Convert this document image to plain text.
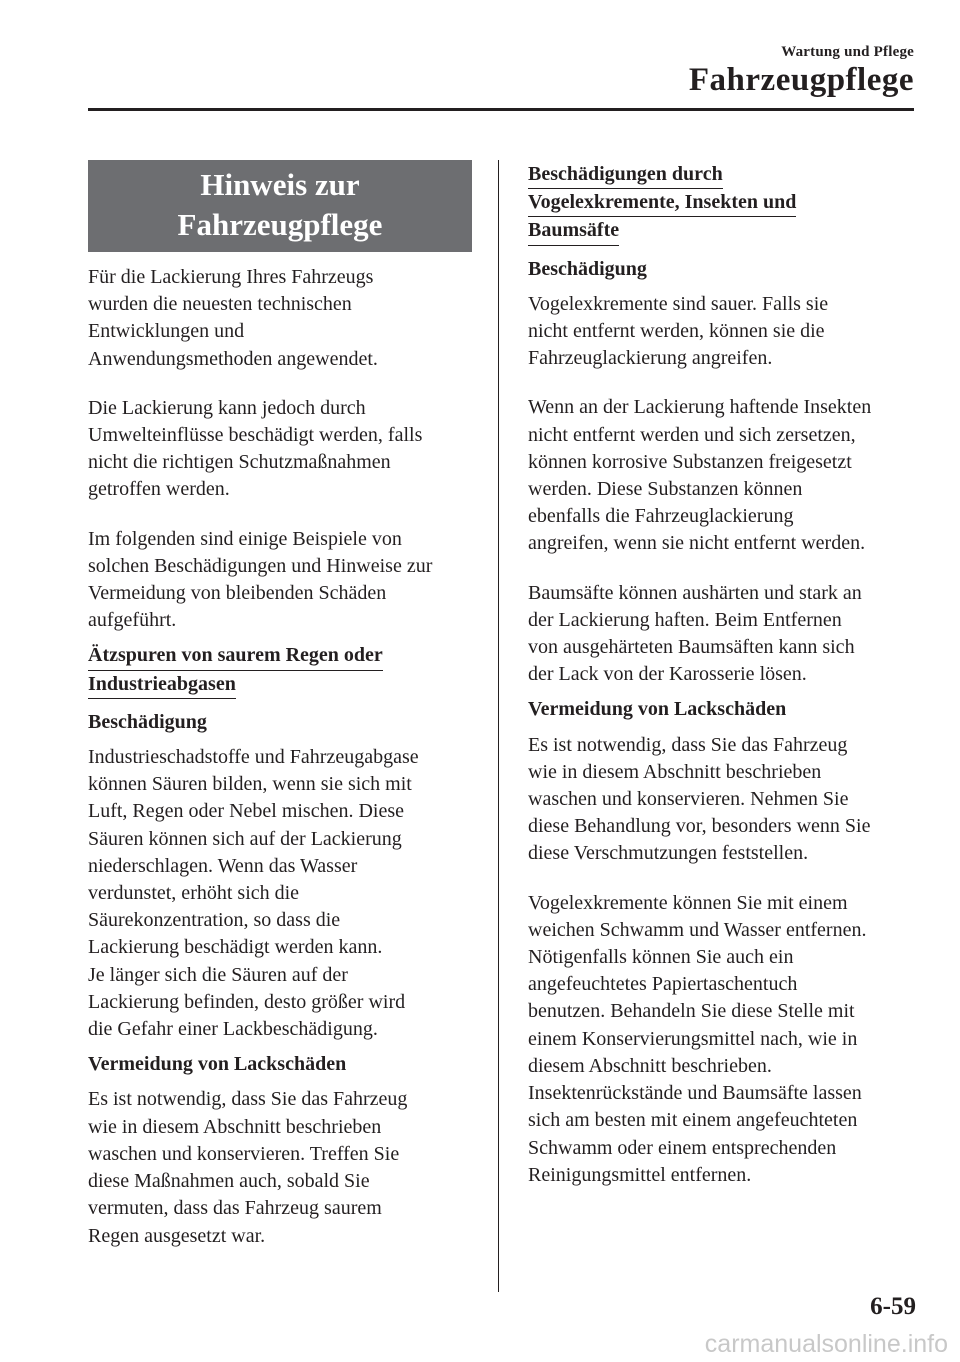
Wartung und Pflege
Fahrzeugpflege
Hinweis zur
Fahrzeugpflege

Für die Lackierung Ihres Fahrzeugs

wurden die neuesten technischen

Entwicklungen und

Anwendungsmethoden angewendet.

Die Lackierung kann jedoch durch

Umwelteinflüsse beschädigt werden, falls

nicht die richtigen Schutzmaßnahmen

getroffen werden.

Im folgenden sind einige Beispiele von

solchen Beschädigungen und Hinweise zur

Vermeidung von bleibenden Schäden

aufgeführt.

Ätzspuren von saurem Regen oder
Industrieabgasen

Beschädigung

Industrieschadstoffe und Fahrzeugabgase

können Säuren bilden, wenn sie sich mit

Luft, Regen oder Nebel mischen. Diese

Säuren können sich auf der Lackierung

niederschlagen. Wenn das Wasser

verdunstet, erhöht sich die

Säurekonzentration, so dass die

Lackierung beschädigt werden kann.

Je länger sich die Säuren auf der

Lackierung befinden, desto größer wird

die Gefahr einer Lackbeschädigung.

Vermeidung von Lackschäden

Es ist notwendig, dass Sie das Fahrzeug

wie in diesem Abschnitt beschrieben

waschen und konservieren. Treffen Sie

diese Maßnahmen auch, sobald Sie

vermuten, dass das Fahrzeug saurem

Regen ausgesetzt war.

Beschädigungen durch
Vogelexkremente, Insekten und
Baumsäfte

Beschädigung

Vogelexkremente sind sauer. Falls sie

nicht entfernt werden, können sie die

Fahrzeuglackierung angreifen.

Wenn an der Lackierung haftende Insekten

nicht entfernt werden und sich zersetzen,

können korrosive Substanzen freigesetzt

werden. Diese Substanzen können

ebenfalls die Fahrzeuglackierung

angreifen, wenn sie nicht entfernt werden.

Baumsäfte können aushärten und stark an

der Lackierung haften. Beim Entfernen

von ausgehärteten Baumsäften kann sich

der Lack von der Karosserie lösen.

Vermeidung von Lackschäden

Es ist notwendig, dass Sie das Fahrzeug

wie in diesem Abschnitt beschrieben

waschen und konservieren. Nehmen Sie

diese Behandlung vor, besonders wenn Sie

diese Verschmutzungen feststellen.

Vogelexkremente können Sie mit einem

weichen Schwamm und Wasser entfernen.

Nötigenfalls können Sie auch ein

angefeuchtetes Papiertaschentuch

benutzen. Behandeln Sie diese Stelle mit

einem Konservierungsmittel nach, wie in

diesem Abschnitt beschrieben.

Insektenrückstände und Baumsäfte lassen

sich am besten mit einem angefeuchteten

Schwamm oder einem entsprechenden

Reinigungsmittel entfernen.

6-59
carmanualsonline.info
